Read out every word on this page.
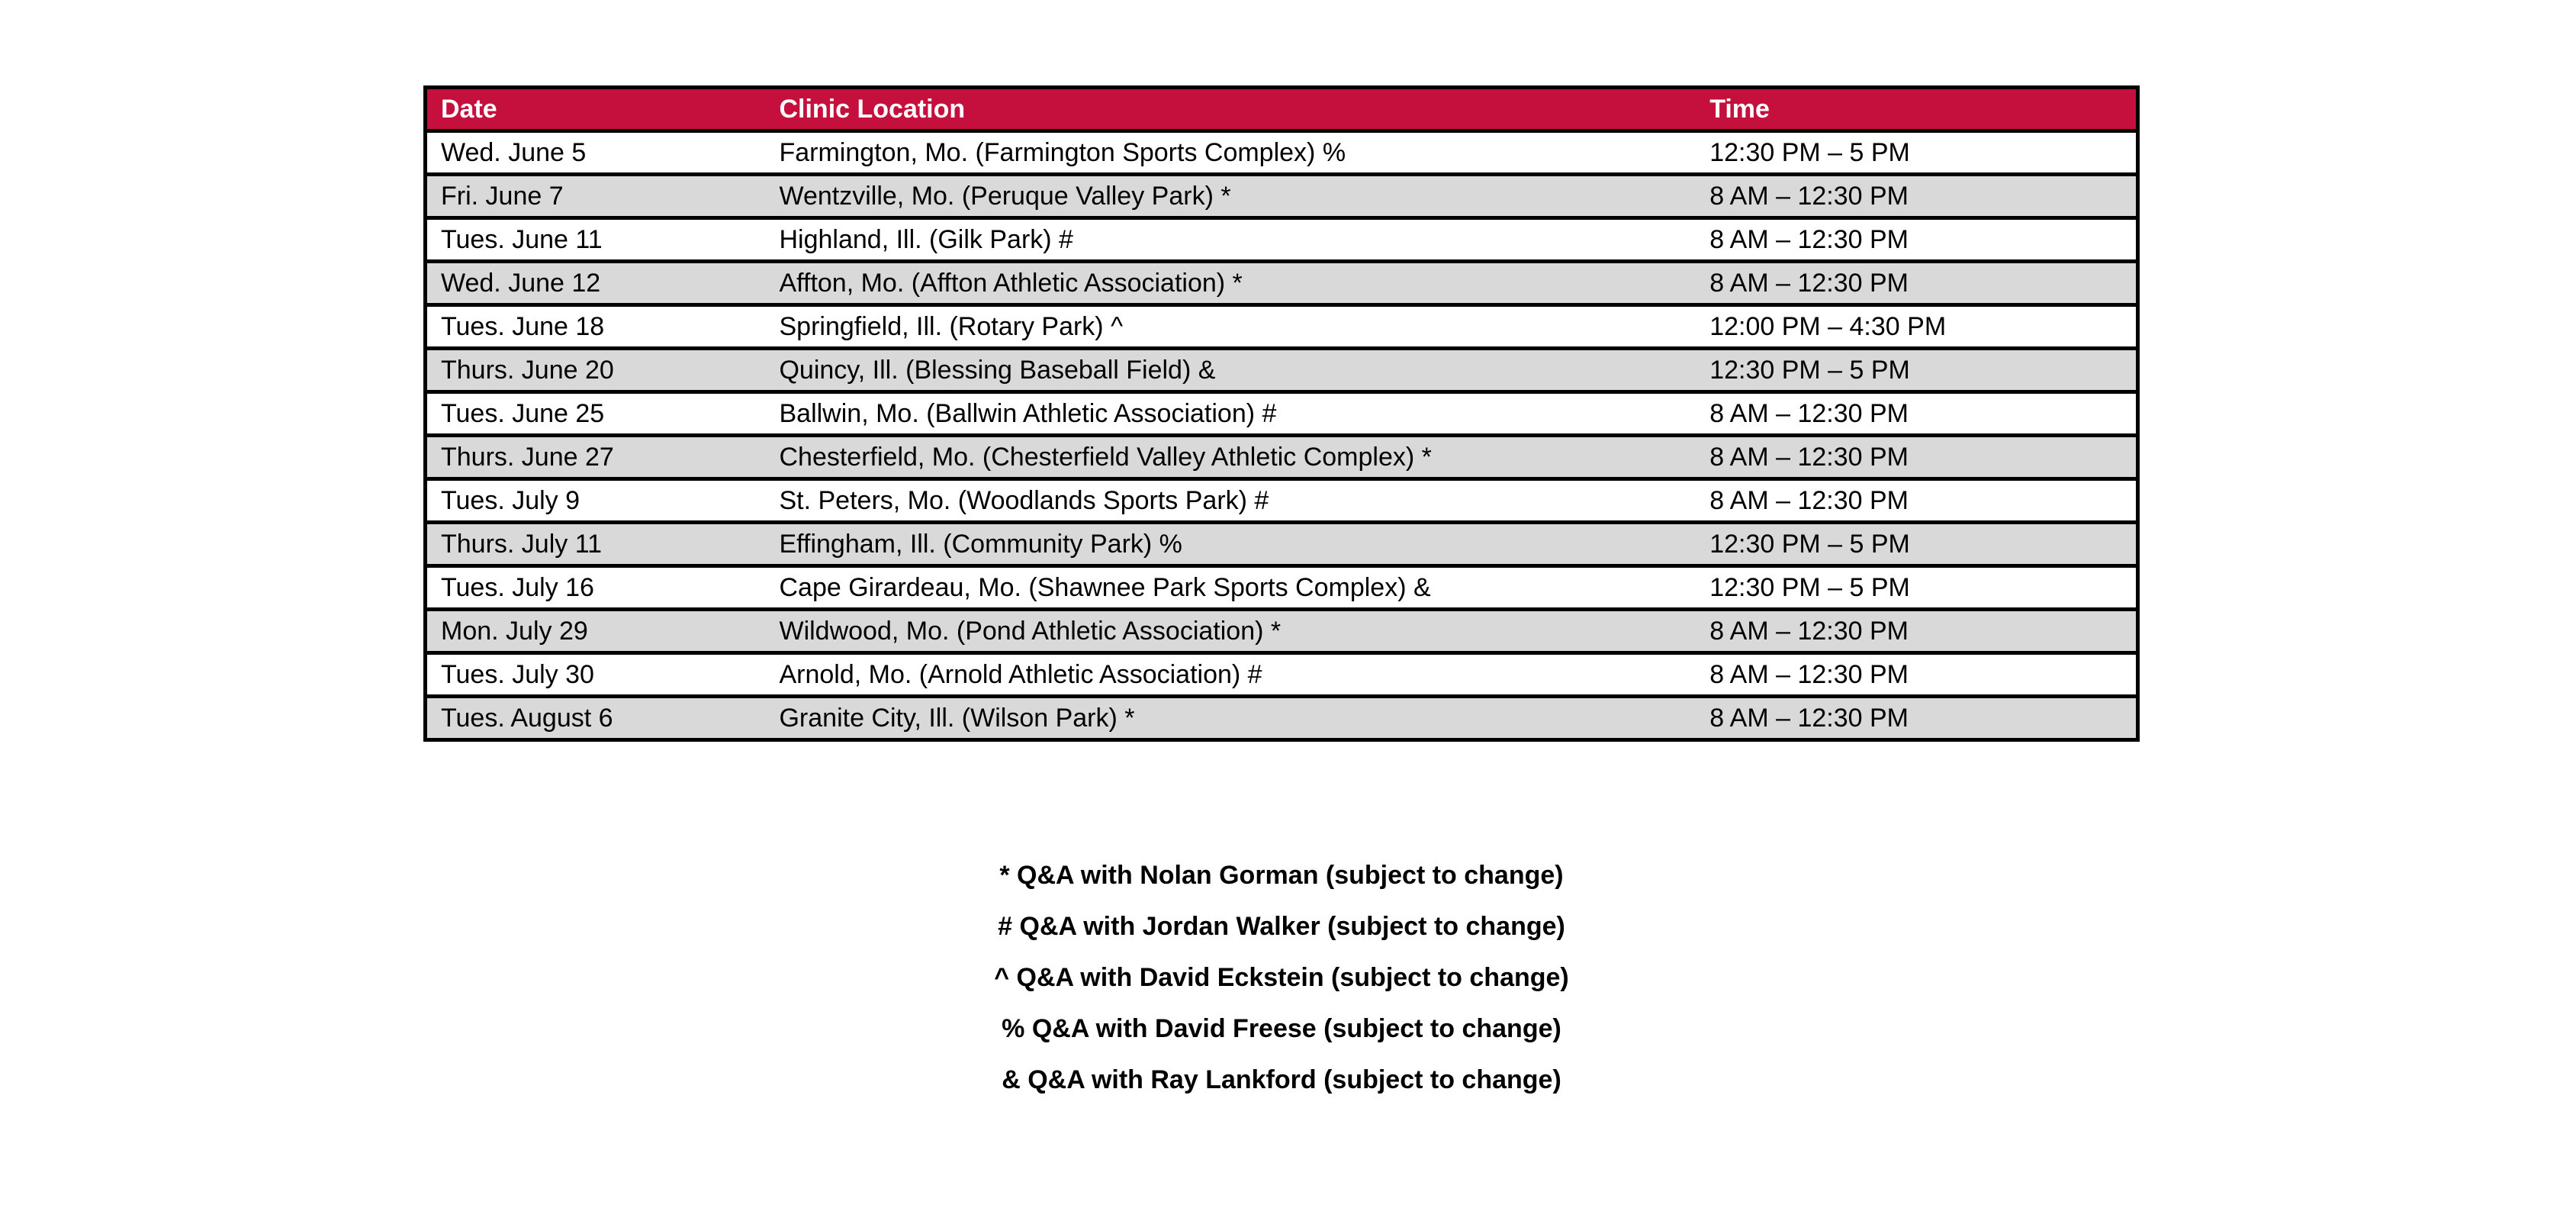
Date	Clinic Location	Time
Wed. June 5	Farmington, Mo. (Farmington Sports Complex) %	12:30 PM – 5 PM
Fri. June 7	Wentzville, Mo. (Peruque Valley Park) *	8 AM – 12:30 PM
Tues. June 11	Highland, Ill. (Gilk Park) #	8 AM – 12:30 PM
Wed. June 12	Affton, Mo. (Affton Athletic Association) *	8 AM – 12:30 PM
Tues. June 18	Springfield, Ill. (Rotary Park) ^	12:00 PM – 4:30 PM
Thurs. June 20	Quincy, Ill. (Blessing Baseball Field) &	12:30 PM – 5 PM
Tues. June 25	Ballwin, Mo. (Ballwin Athletic Association) #	8 AM – 12:30 PM
Thurs. June 27	Chesterfield, Mo. (Chesterfield Valley Athletic Complex) *	8 AM – 12:30 PM
Tues. July 9	St. Peters, Mo. (Woodlands Sports Park) #	8 AM – 12:30 PM
Thurs. July 11	Effingham, Ill. (Community Park) %	12:30 PM – 5 PM
Tues. July 16	Cape Girardeau, Mo. (Shawnee Park Sports Complex) &	12:30 PM – 5 PM
Mon. July 29	Wildwood, Mo. (Pond Athletic Association) *	8 AM – 12:30 PM
Tues. July 30	Arnold, Mo. (Arnold Athletic Association) #	8 AM – 12:30 PM
Tues. August 6	Granite City, Ill. (Wilson Park) *	8 AM – 12:30 PM
* Q&A with Nolan Gorman (subject to change)
# Q&A with Jordan Walker (subject to change)
^ Q&A with David Eckstein (subject to change)
% Q&A with David Freese (subject to change)
& Q&A with Ray Lankford (subject to change)
